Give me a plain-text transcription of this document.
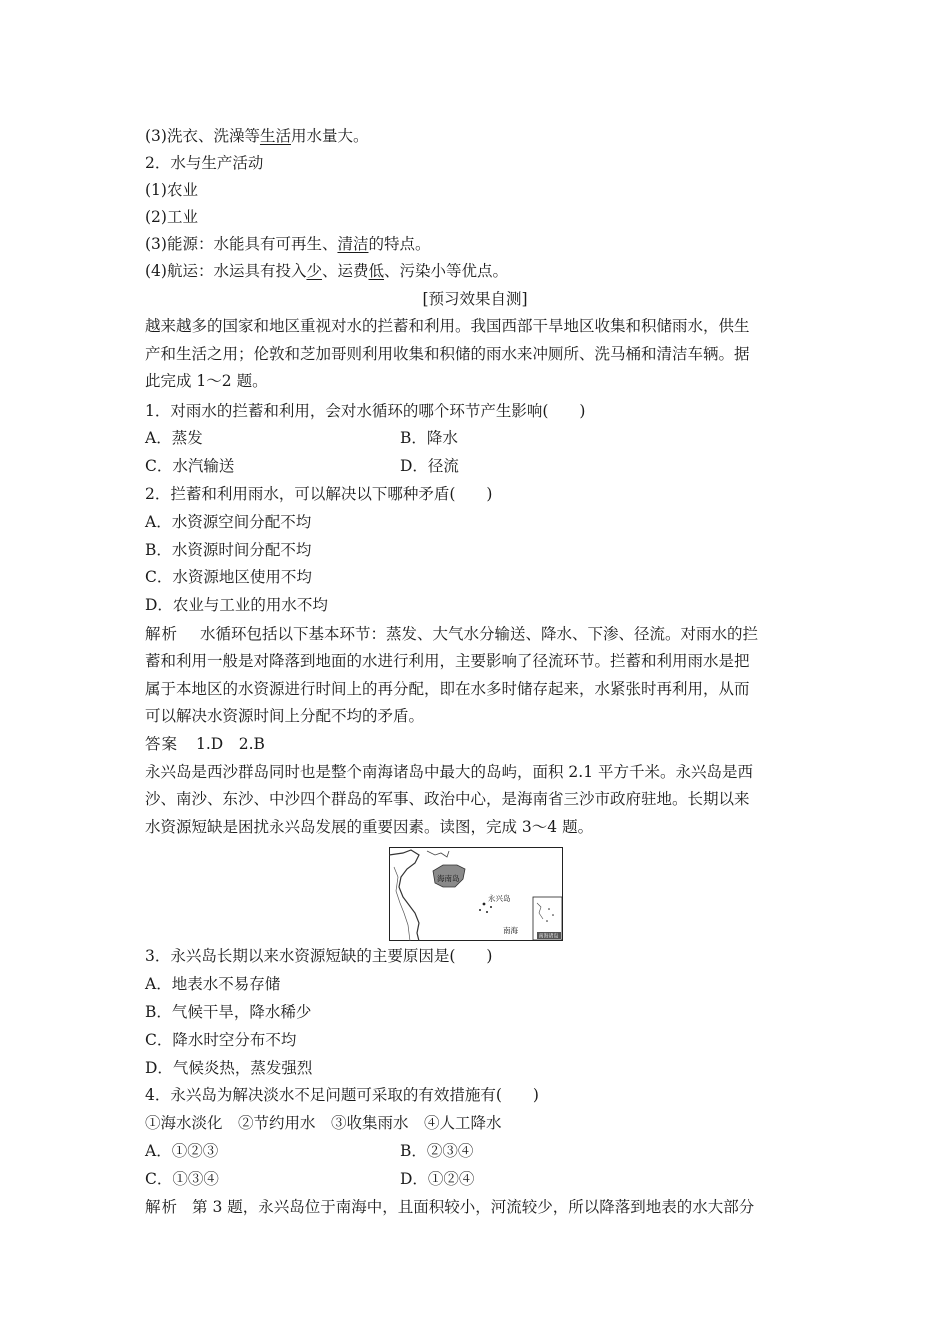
(3)洗衣、洗澡等生活用水量大。
2．水与生产活动
(1)农业
(2)工业
(3)能源：水能具有可再生、清洁的特点。
(4)航运：水运具有投入少、运费低、污染小等优点。
[预习效果自测]
越来越多的国家和地区重视对水的拦蓄和利用。我国西部干旱地区收集和积储雨水，供生
产和生活之用；伦敦和芝加哥则利用收集和积储的雨水来冲厕所、洗马桶和清洁车辆。据
此完成 1～2 题。
1．对雨水的拦蓄和利用，会对水循环的哪个环节产生影响(　　)
A．蒸发	B．降水
C．水汽输送	D．径流
2．拦蓄和利用雨水，可以解决以下哪种矛盾(　　)
A．水资源空间分配不均
B．水资源时间分配不均
C．水资源地区使用不均
D．农业与工业的用水不均
解析 水循环包括以下基本环节：蒸发、大气水分输送、降水、下渗、径流。对雨水的拦
蓄和利用一般是对降落到地面的水进行利用，主要影响了径流环节。拦蓄和利用雨水是把
属于本地区的水资源进行时间上的再分配，即在水多时储存起来，水紧张时再利用，从而
可以解决水资源时间上分配不均的矛盾。
答案 1.D　2.B
永兴岛是西沙群岛同时也是整个南海诸岛中最大的岛屿，面积 2.1 平方千米。永兴岛是西
沙、南沙、东沙、中沙四个群岛的军事、政治中心，是海南省三沙市政府驻地。长期以来
水资源短缺是困扰永兴岛发展的重要因素。读图，完成 3～4 题。
海南岛
永兴岛
南海
南海诸岛
3．永兴岛长期以来水资源短缺的主要原因是(　　)
A．地表水不易存储
B．气候干旱，降水稀少
C．降水时空分布不均
D．气候炎热，蒸发强烈
4．永兴岛为解决淡水不足问题可采取的有效措施有(　　)
①海水淡化　②节约用水　③收集雨水　④人工降水
A．①②③	B．②③④
C．①③④	D．①②④
解析 第 3 题，永兴岛位于南海中，且面积较小，河流较少，所以降落到地表的水大部分
